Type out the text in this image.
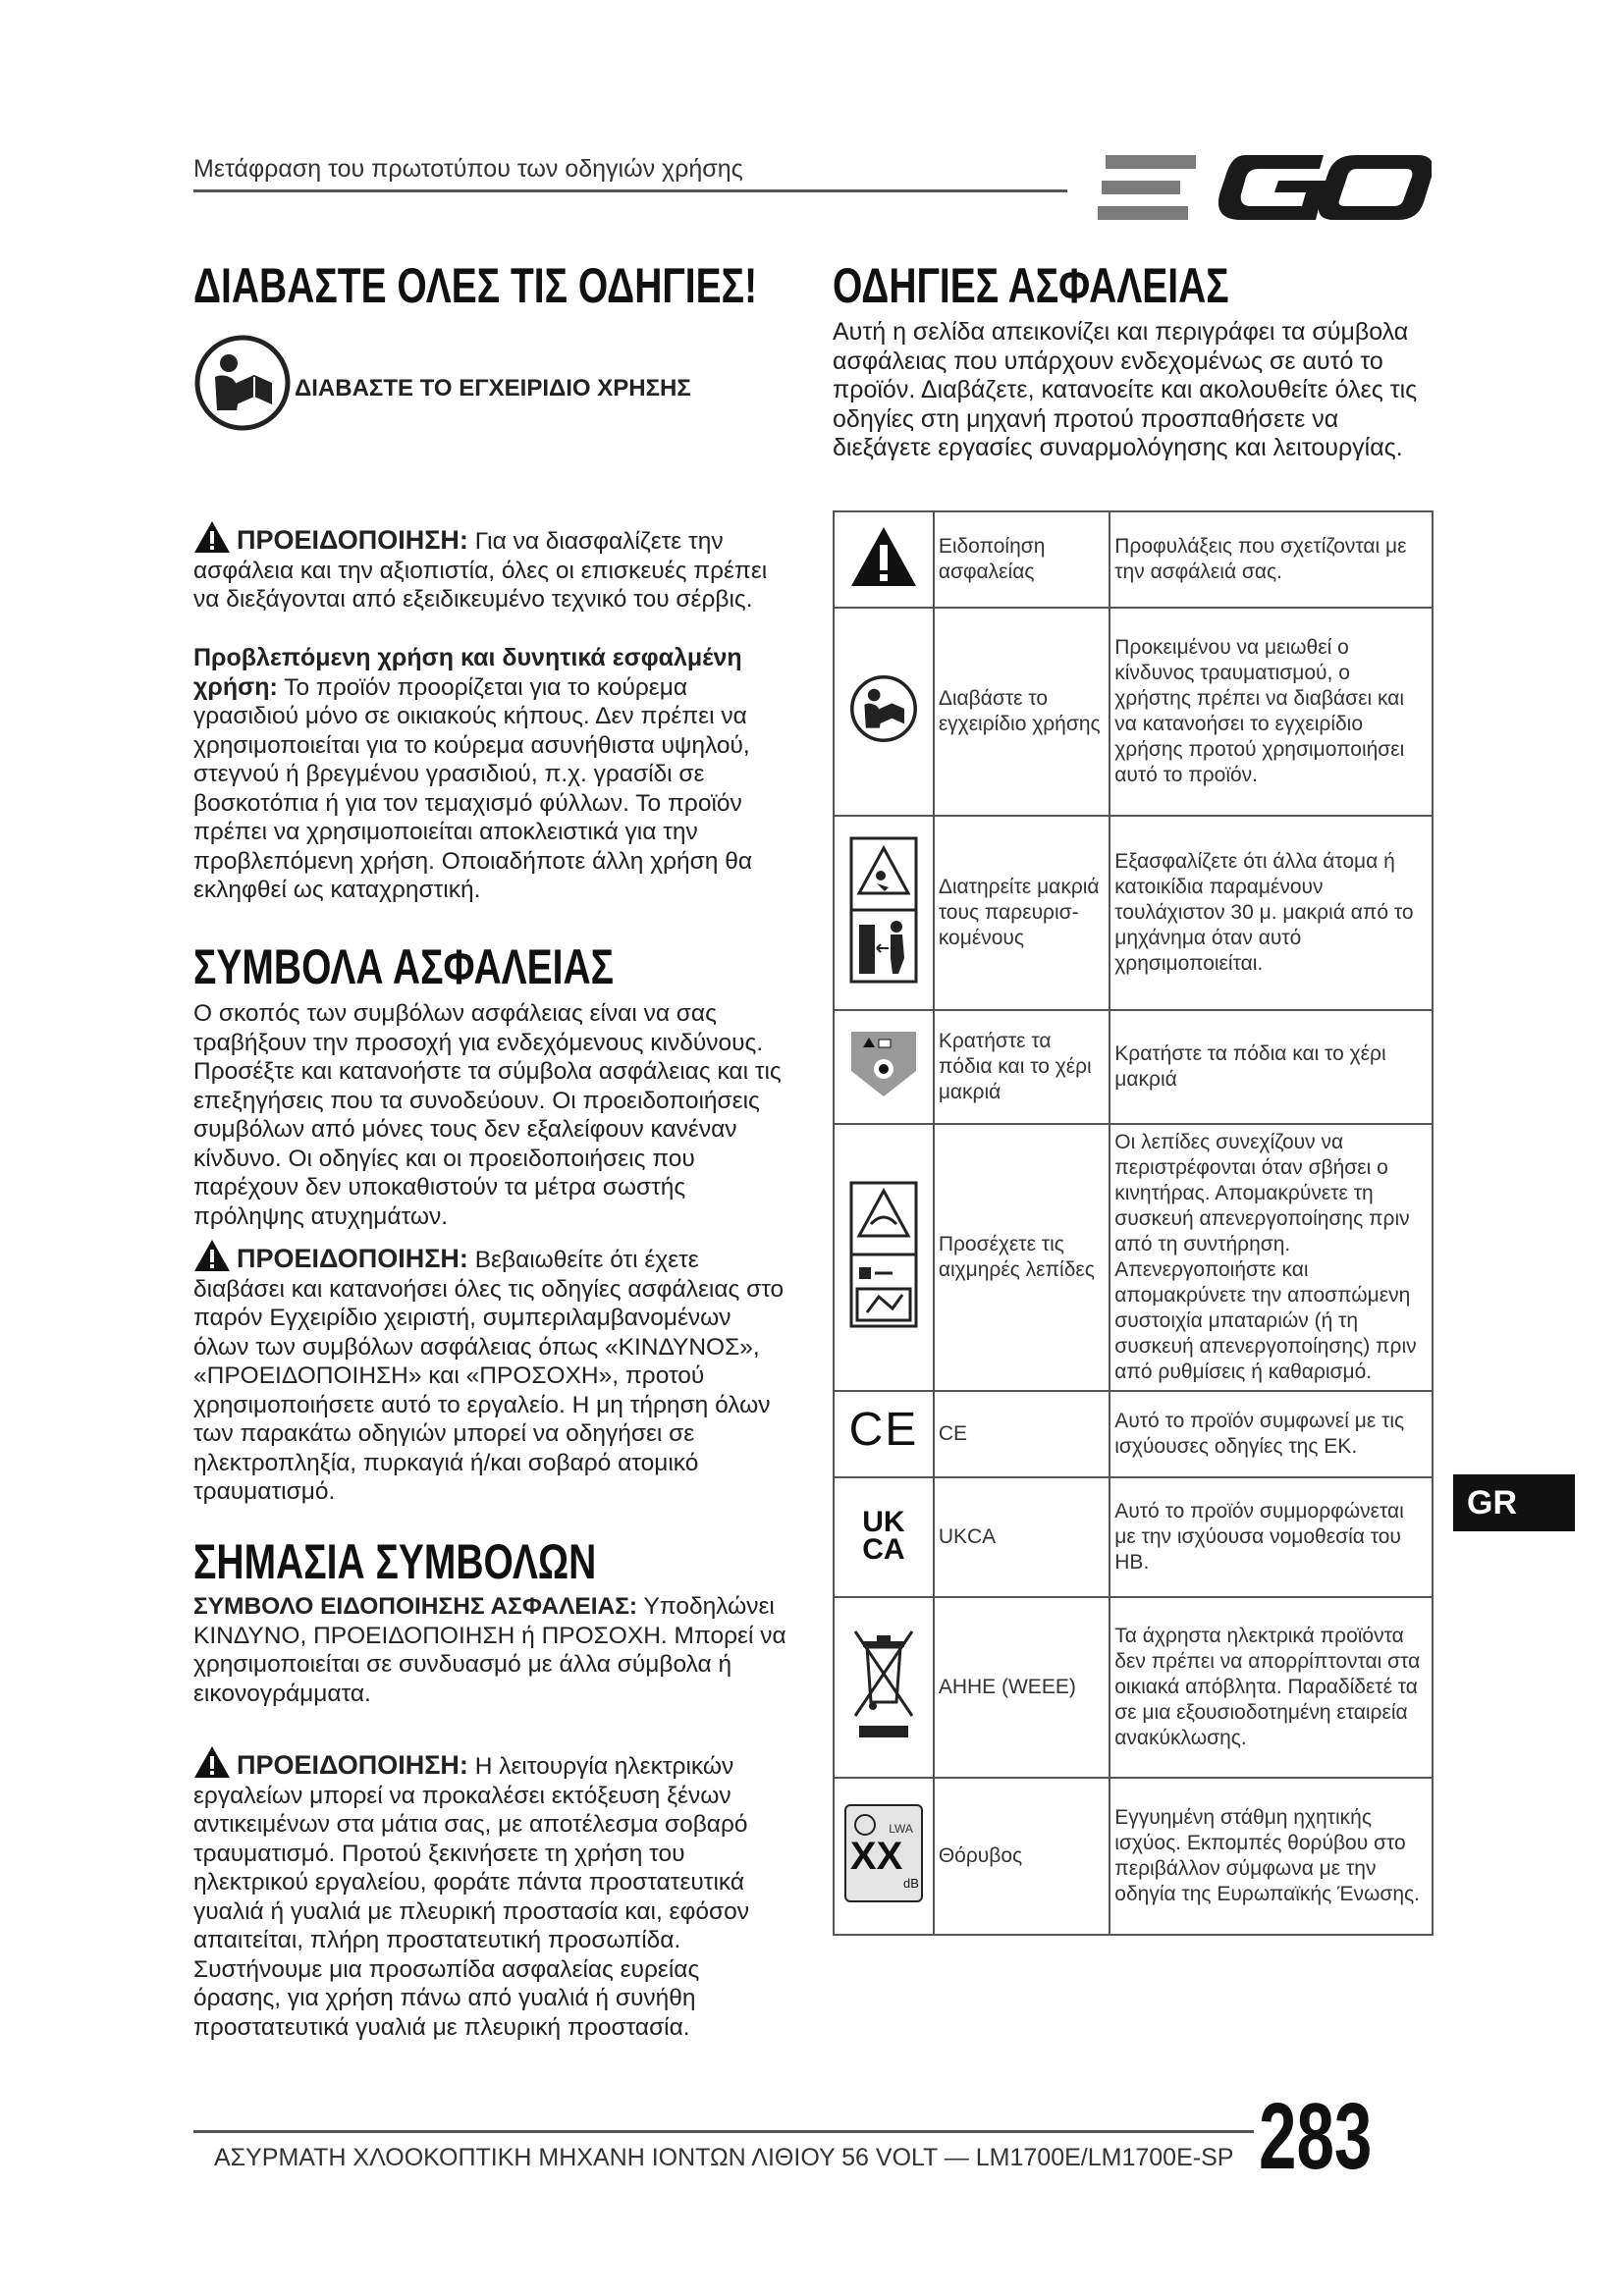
Μετάφραση του πρωτοτύπου των οδηγιών χρήσης
ΔΙΑΒΑΣΤΕ ΟΛΕΣ ΤΙΣ ΟΔΗΓΙΕΣ!
ΔΙΑΒΑΣΤΕ ΤΟ ΕΓΧΕΙΡΙΔΙΟ ΧΡΗΣΗΣ
ΠΡΟΕΙΔΟΠΟΙΗΣΗ: Για να διασφαλίζετε την ασφάλεια και την αξιοπιστία, όλες οι επισκευές πρέπει να διεξάγονται από εξειδικευμένο τεχνικό του σέρβις.
Προβλεπόμενη χρήση και δυνητικά εσφαλμένη χρήση: Το προϊόν προορίζεται για το κούρεμα γρασιδιού μόνο σε οικιακούς κήπους. Δεν πρέπει να χρησιμοποιείται για το κούρεμα ασυνήθιστα υψηλού, στεγνού ή βρεγμένου γρασιδιού, π.χ. γρασίδι σε βοσκοτόπια ή για τον τεμαχισμό φύλλων. Το προϊόν πρέπει να χρησιμοποιείται αποκλειστικά για την προβλεπόμενη χρήση. Οποιαδήποτε άλλη χρήση θα εκληφθεί ως καταχρηστική.
ΣΥΜΒΟΛΑ ΑΣΦΑΛΕΙΑΣ
Ο σκοπός των συμβόλων ασφάλειας είναι να σας τραβήξουν την προσοχή για ενδεχόμενους κινδύνους. Προσέξτε και κατανοήστε τα σύμβολα ασφάλειας και τις επεξηγήσεις που τα συνοδεύουν. Οι προειδοποιήσεις συμβόλων από μόνες τους δεν εξαλείφουν κανέναν κίνδυνο. Οι οδηγίες και οι προειδοποιήσεις που παρέχουν δεν υποκαθιστούν τα μέτρα σωστής πρόληψης ατυχημάτων.
ΠΡΟΕΙΔΟΠΟΙΗΣΗ: Βεβαιωθείτε ότι έχετε διαβάσει και κατανοήσει όλες τις οδηγίες ασφάλειας στο παρόν Εγχειρίδιο χειριστή, συμπεριλαμβανομένων όλων των συμβόλων ασφάλειας όπως «ΚΙΝΔΥΝΟΣ», «ΠΡΟΕΙΔΟΠΟΙΗΣΗ» και «ΠΡΟΣΟΧΗ», προτού χρησιμοποιήσετε αυτό το εργαλείο. Η μη τήρηση όλων των παρακάτω οδηγιών μπορεί να οδηγήσει σε ηλεκτροπληξία, πυρκαγιά ή/και σοβαρό ατομικό τραυματισμό.
ΣΗΜΑΣΙΑ ΣΥΜΒΟΛΩΝ
ΣΥΜΒΟΛΟ ΕΙΔΟΠΟΙΗΣΗΣ ΑΣΦΑΛΕΙΑΣ: Υποδηλώνει ΚΙΝΔΥΝΟ, ΠΡΟΕΙΔΟΠΟΙΗΣΗ ή ΠΡΟΣΟΧΗ. Μπορεί να χρησιμοποιείται σε συνδυασμό με άλλα σύμβολα ή εικονογράμματα.
ΠΡΟΕΙΔΟΠΟΙΗΣΗ: Η λειτουργία ηλεκτρικών εργαλείων μπορεί να προκαλέσει εκτόξευση ξένων αντικειμένων στα μάτια σας, με αποτέλεσμα σοβαρό τραυματισμό. Προτού ξεκινήσετε τη χρήση του ηλεκτρικού εργαλείου, φοράτε πάντα προστατευτικά γυαλιά ή γυαλιά με πλευρική προστασία και, εφόσον απαιτείται, πλήρη προστατευτική προσωπίδα. Συστήνουμε μια προσωπίδα ασφαλείας ευρείας όρασης, για χρήση πάνω από γυαλιά ή συνήθη προστατευτικά γυαλιά με πλευρική προστασία.
ΟΔΗΓΙΕΣ ΑΣΦΑΛΕΙΑΣ
Αυτή η σελίδα απεικονίζει και περιγράφει τα σύμβολα ασφάλειας που υπάρχουν ενδεχομένως σε αυτό το προϊόν. Διαβάζετε, κατανοείτε και ακολουθείτε όλες τις οδηγίες στη μηχανή προτού προσπαθήσετε να διεξάγετε εργασίες συναρμολόγησης και λειτουργίας.
	Ειδοποίηση ασφαλείας	Προφυλάξεις που σχετίζονται με την ασφάλειά σας.
	Διαβάστε το εγχειρίδιο χρήσης	Προκειμένου να μειωθεί ο κίνδυνος τραυματισμού, ο χρήστης πρέπει να διαβάσει και να κατανοήσει το εγχειρίδιο χρήσης προτού χρησιμοποιήσει αυτό το προϊόν.
	Διατηρείτε μακριά τους παρευρισ-κομένους	Εξασφαλίζετε ότι άλλα άτομα ή κατοικίδια παραμένουν τουλάχιστον 30 μ. μακριά από το μηχάνημα όταν αυτό χρησιμοποιείται.
	Κρατήστε τα πόδια και το χέρι μακριά	Κρατήστε τα πόδια και το χέρι μακριά
	Προσέχετε τις αιχμηρές λεπίδες	Οι λεπίδες συνεχίζουν να περιστρέφονται όταν σβήσει ο κινητήρας. Απομακρύνετε τη συσκευή απενεργοποίησης πριν από τη συντήρηση. Απενεργοποιήστε και απομακρύνετε την αποσπώμενη συστοιχία μπαταριών (ή τη συσκευή απενεργοποίησης) πριν από ρυθμίσεις ή καθαρισμό.
CE	CE	Αυτό το προϊόν συμφωνεί με τις ισχύουσες οδηγίες της ΕΚ.

UK
CA	UKCA	Αυτό το προϊόν συμμορφώνεται με την ισχύουσα νομοθεσία του ΗΒ.
	ΑΗΗΕ (WEEE)	Τα άχρηστα ηλεκτρικά προϊόντα δεν πρέπει να απορρίπτονται στα οικιακά απόβλητα. Παραδίδετέ τα σε μια εξουσιοδοτημένη εταιρεία ανακύκλωσης.

LWA
XX
dB	Θόρυβος	Εγγυημένη στάθμη ηχητικής ισχύος. Εκπομπές θορύβου στο περιβάλλον σύμφωνα με την οδηγία της Ευρωπαϊκής Ένωσης.
GR
ΑΣΥΡΜΑΤΗ ΧΛΟΟΚΟΠΤΙΚΗ ΜΗΧΑΝΗ ΙΟΝΤΩΝ ΛΙΘΙΟΥ 56 VOLT — LM1700E/LM1700E-SP 283
